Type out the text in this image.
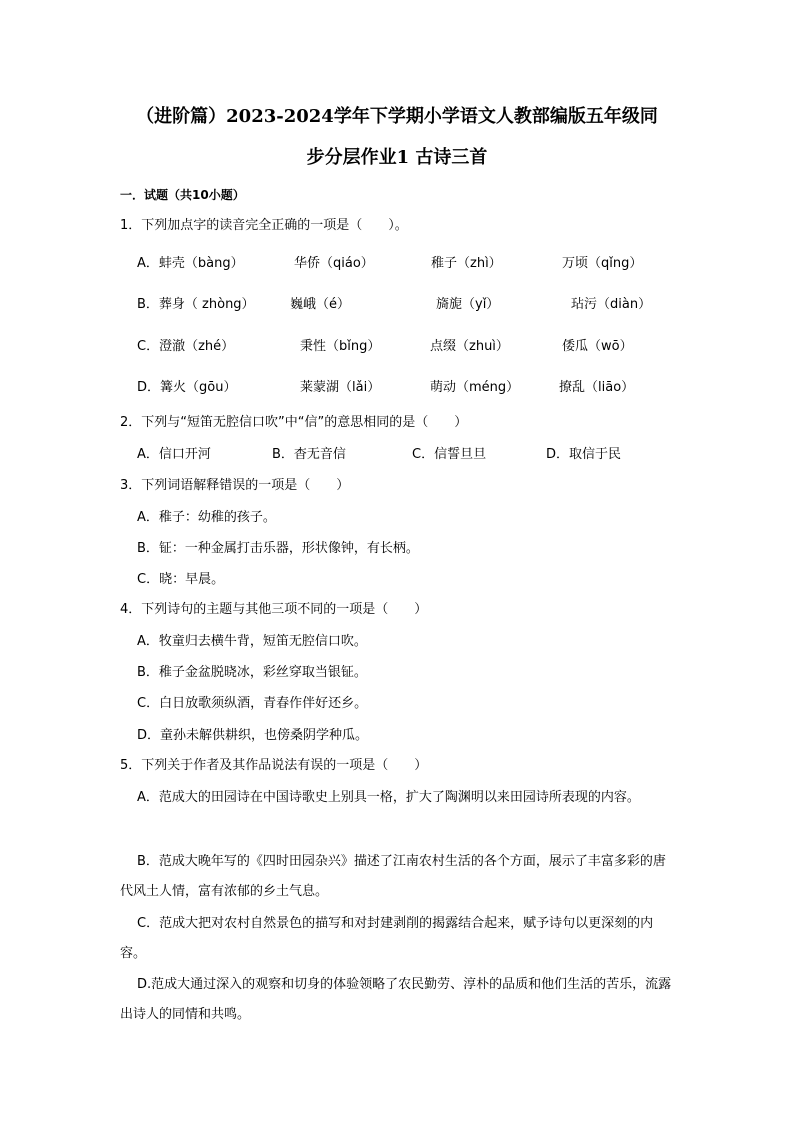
（进阶篇）2023-2024学年下学期小学语文人教部编版五年级同
步分层作业1 古诗三首
一．试题（共10小题）
1．下列加点字的读音完全正确的一项是（　　）。
A．蚌壳（bàng）	华侨（qiáo）	稚子（zhì）	万顷（qǐng）
B．葬身（ zhòng）	巍峨（é）	旖旎（yǐ）	玷污（diàn）
C．澄澈（zhé）	秉性（bǐng）	点缀（zhuì）	倭瓜（wō）
D．篝火（gōu）	莱蒙湖（lǎi）	萌动（méng）	撩乱（liāo）
2．下列与“短笛无腔信口吹”中“信”的意思相同的是（　　）
A．信口开河	B．杳无音信	C．信誓旦旦	D．取信于民
3．下列词语解释错误的一项是（　　）
A．稚子：幼稚的孩子。
B．钲：一种金属打击乐器，形状像钟，有长柄。
C．晓：早晨。
4．下列诗句的主题与其他三项不同的一项是（　　）
A．牧童归去横牛背，短笛无腔信口吹。
B．稚子金盆脱晓冰，彩丝穿取当银钲。
C．白日放歌须纵酒，青春作伴好还乡。
D．童孙未解供耕织，也傍桑阴学种瓜。
5．下列关于作者及其作品说法有误的一项是（　　）
A．范成大的田园诗在中国诗歌史上别具一格，扩大了陶渊明以来田园诗所表现的内容。
B．范成大晚年写的《四时田园杂兴》描述了江南农村生活的各个方面，展示了丰富多彩的唐代风土人情，富有浓郁的乡土气息。
C．范成大把对农村自然景色的描写和对封建剥削的揭露结合起来，赋予诗句以更深刻的内容。
D.范成大通过深入的观察和切身的体验领略了农民勤劳、淳朴的品质和他们生活的苦乐，流露出诗人的同情和共鸣。
